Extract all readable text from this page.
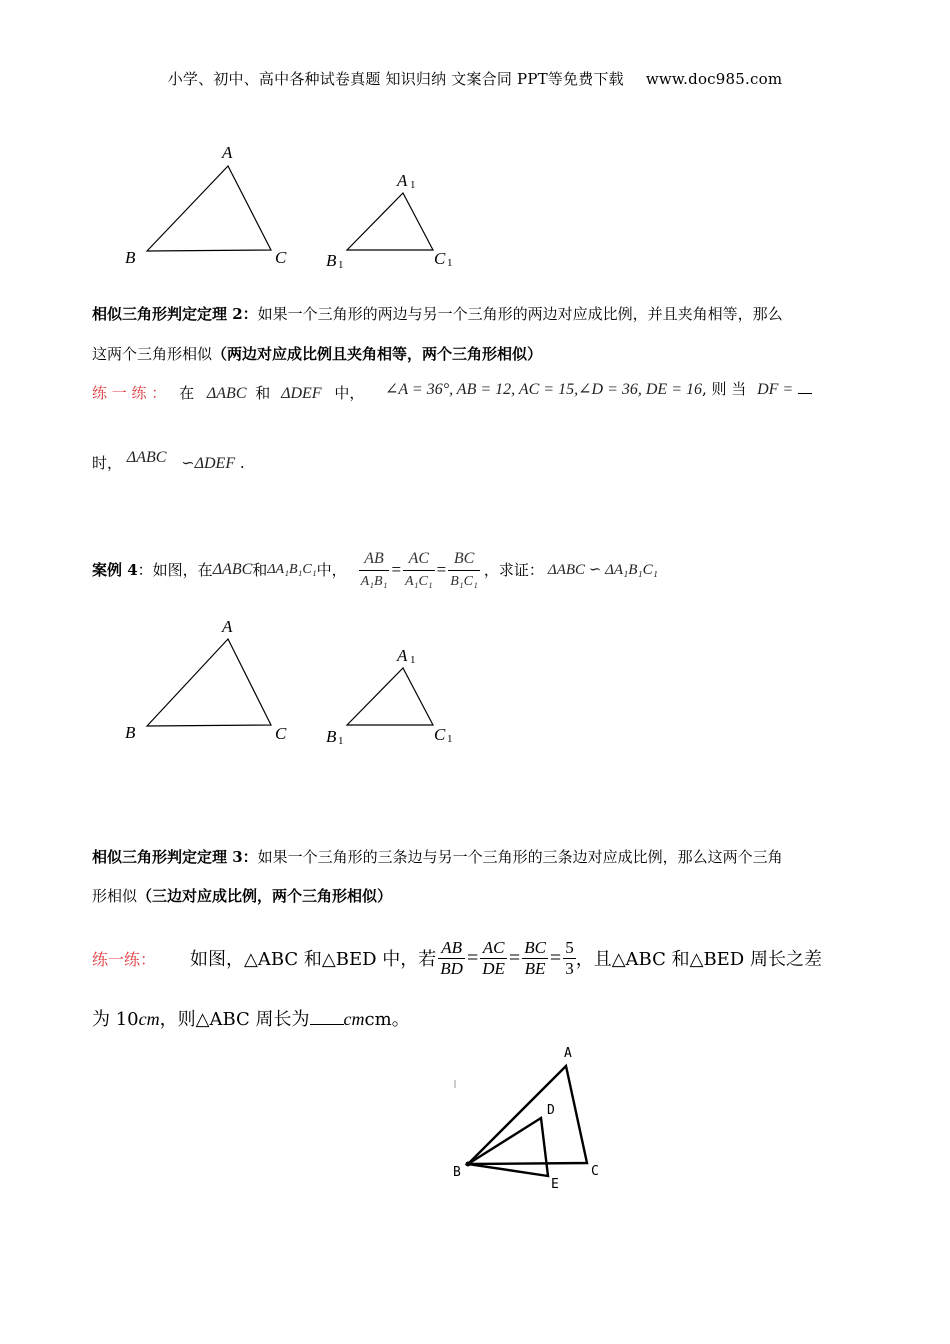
小学、初中、高中各种试卷真题 知识归纳 文案合同 PPT等免费下载 www.doc985.com
A
B	C
A 1
B 1	C 1
相似三角形判定定理 2：如果一个三角形的两边与另一个三角形的两边对应成比例，并且夹角相等，那么
这两个三角形相似（两边对应成比例且夹角相等，两个三角形相似）
练 一 练 ： 在 ΔABC 和 ΔDEF 中， ∠A = 36°, AB = 12, AC = 15,∠D = 36, DE = 16, 则 当 DF =
时， ΔABC ∽ΔDEF .
案例 4 ：如图，在 ΔABC 和 ΔA₁B₁C₁ 中， $\frac{AB}{\text{A₁B₁}} = \frac{AC}{\text{A₁C₁}} = \frac{BC}{\text{B₁C₁}}$ ，求证： ΔABC ∽ ΔA₁B₁C₁
A
B	C
A 1
B 1	C 1
相似三角形判定定理 3：如果一个三角形的三条边与另一个三角形的三条边对应成比例，那么这两个三角
形相似（三边对应成比例，两个三角形相似）
练一练： 如图，△ABC 和△BED 中，若 $\frac{AB}{BD} = \frac{AC}{DE} = \frac{BC}{BE} = \frac{5}{3}$ ，且△ABC 和△BED 周长之差
为 10cm，则△ABC 周长为 cmcm。
A
D
B
E
C
